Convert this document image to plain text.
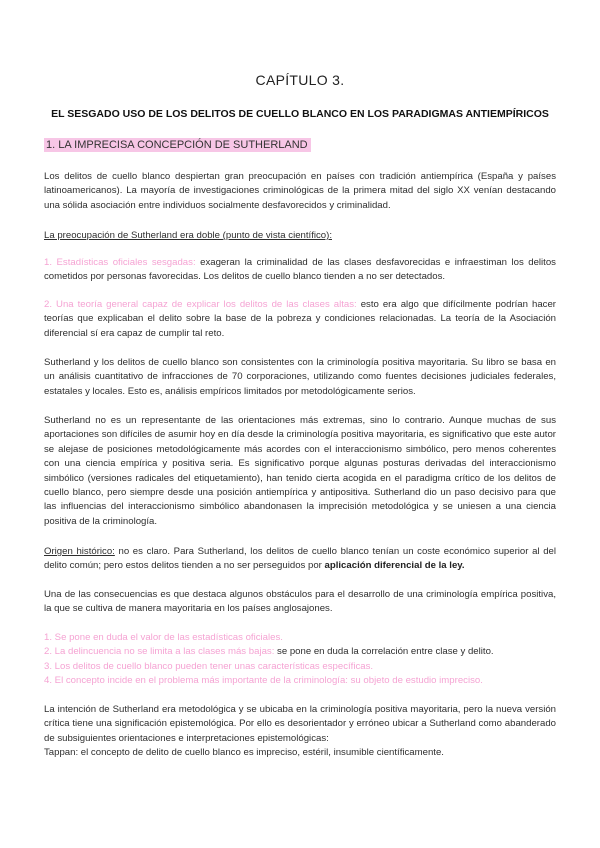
CAPÍTULO 3.
EL SESGADO USO DE LOS DELITOS DE CUELLO BLANCO EN LOS PARADIGMAS ANTIEMPÍRICOS
1. LA IMPRECISA CONCEPCIÓN DE SUTHERLAND
Los delitos de cuello blanco despiertan gran preocupación en países con tradición antiempírica (España y países latinoamericanos). La mayoría de investigaciones criminológicas de la primera mitad del siglo XX venían destacando una sólida asociación entre individuos socialmente desfavorecidos y criminalidad.
La preocupación de Sutherland era doble (punto de vista científico):
1. Estadísticas oficiales sesgadas: exageran la criminalidad de las clases desfavorecidas e infraestiman los delitos cometidos por personas favorecidas. Los delitos de cuello blanco tienden a no ser detectados.
2. Una teoría general capaz de explicar los delitos de las clases altas: esto era algo que difícilmente podrían hacer teorías que explicaban el delito sobre la base de la pobreza y condiciones relacionadas. La teoría de la Asociación diferencial sí era capaz de cumplir tal reto.
Sutherland y los delitos de cuello blanco son consistentes con la criminología positiva mayoritaria. Su libro se basa en un análisis cuantitativo de infracciones de 70 corporaciones, utilizando como fuentes decisiones judiciales federales, estatales y locales. Esto es, análisis empíricos limitados por metodológicamente serios.
Sutherland no es un representante de las orientaciones más extremas, sino lo contrario. Aunque muchas de sus aportaciones son difíciles de asumir hoy en día desde la criminología positiva mayoritaria, es significativo que este autor se alejase de posiciones metodológicamente más acordes con el interaccionismo simbólico, pero menos coherentes con una ciencia empírica y positiva seria. Es significativo porque algunas posturas derivadas del interaccionismo simbólico (versiones radicales del etiquetamiento), han tenido cierta acogida en el paradigma crítico de los delitos de cuello blanco, pero siempre desde una posición antiempírica y antipositiva. Sutherland dio un paso decisivo para que las influencias del interaccionismo simbólico abandonasen la imprecisión metodológica y se uniesen a una ciencia positiva de la criminología.
Origen histórico: no es claro. Para Sutherland, los delitos de cuello blanco tenían un coste económico superior al del delito común; pero estos delitos tienden a no ser perseguidos por aplicación diferencial de la ley.
Una de las consecuencias es que destaca algunos obstáculos para el desarrollo de una criminología empírica positiva, la que se cultiva de manera mayoritaria en los países anglosajones.
1. Se pone en duda el valor de las estadísticas oficiales.
2. La delincuencia no se limita a las clases más bajas: se pone en duda la correlación entre clase y delito.
3. Los delitos de cuello blanco pueden tener unas características específicas.
4. El concepto incide en el problema más importante de la criminología: su objeto de estudio impreciso.
La intención de Sutherland era metodológica y se ubicaba en la criminología positiva mayoritaria, pero la nueva versión crítica tiene una significación epistemológica. Por ello es desorientador y erróneo ubicar a Sutherland como abanderado de subsiguientes orientaciones e interpretaciones epistemológicas:
Tappan: el concepto de delito de cuello blanco es impreciso, estéril, insumible científicamente.
